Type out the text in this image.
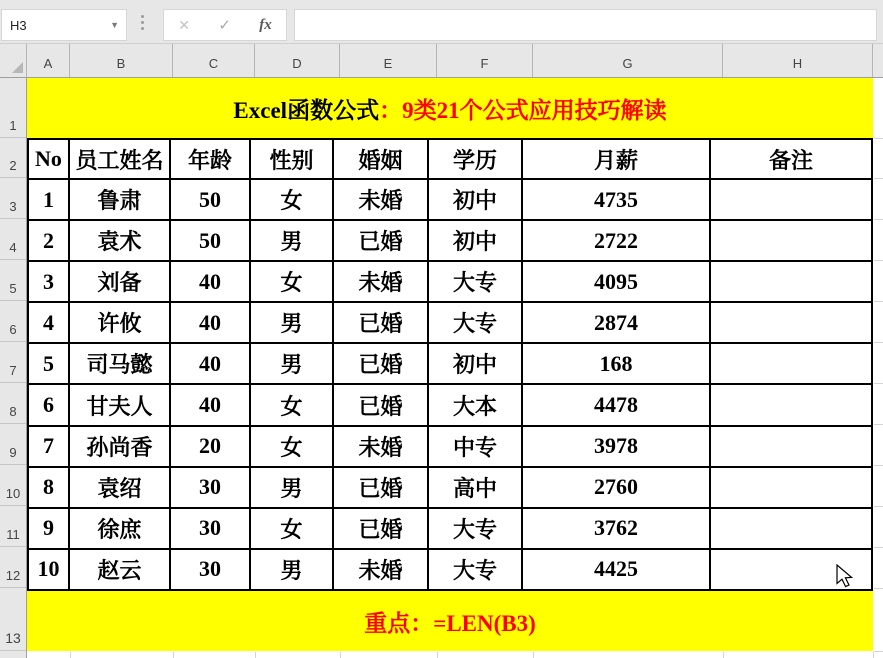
H3	▼	✕ ✓ fx
A	B	C	D	E	F	G	H
1
2
3
4
5
6
7
8
9
10
11
12
13
Excel函数公式 ：9类21个公式应用技巧解读
No 员工姓名	年龄	性别	婚姻	学历	月薪	备注
1	鲁肃	50	女	未婚	初中	4735
2	袁术	50	男	已婚	初中	2722
3	刘备	40	女	未婚	大专	4095
4	许攸	40	男	已婚	大专	2874
5	司马懿	40	男	已婚	初中	168
6	甘夫人	40	女	已婚	大本	4478
7	孙尚香	20	女	未婚	中专	3978
8	袁绍	30	男	已婚	高中	2760
9	徐庶	30	女	已婚	大专	3762
10	赵云	30	男	未婚	大专	4425
重点：=LEN(B3)
